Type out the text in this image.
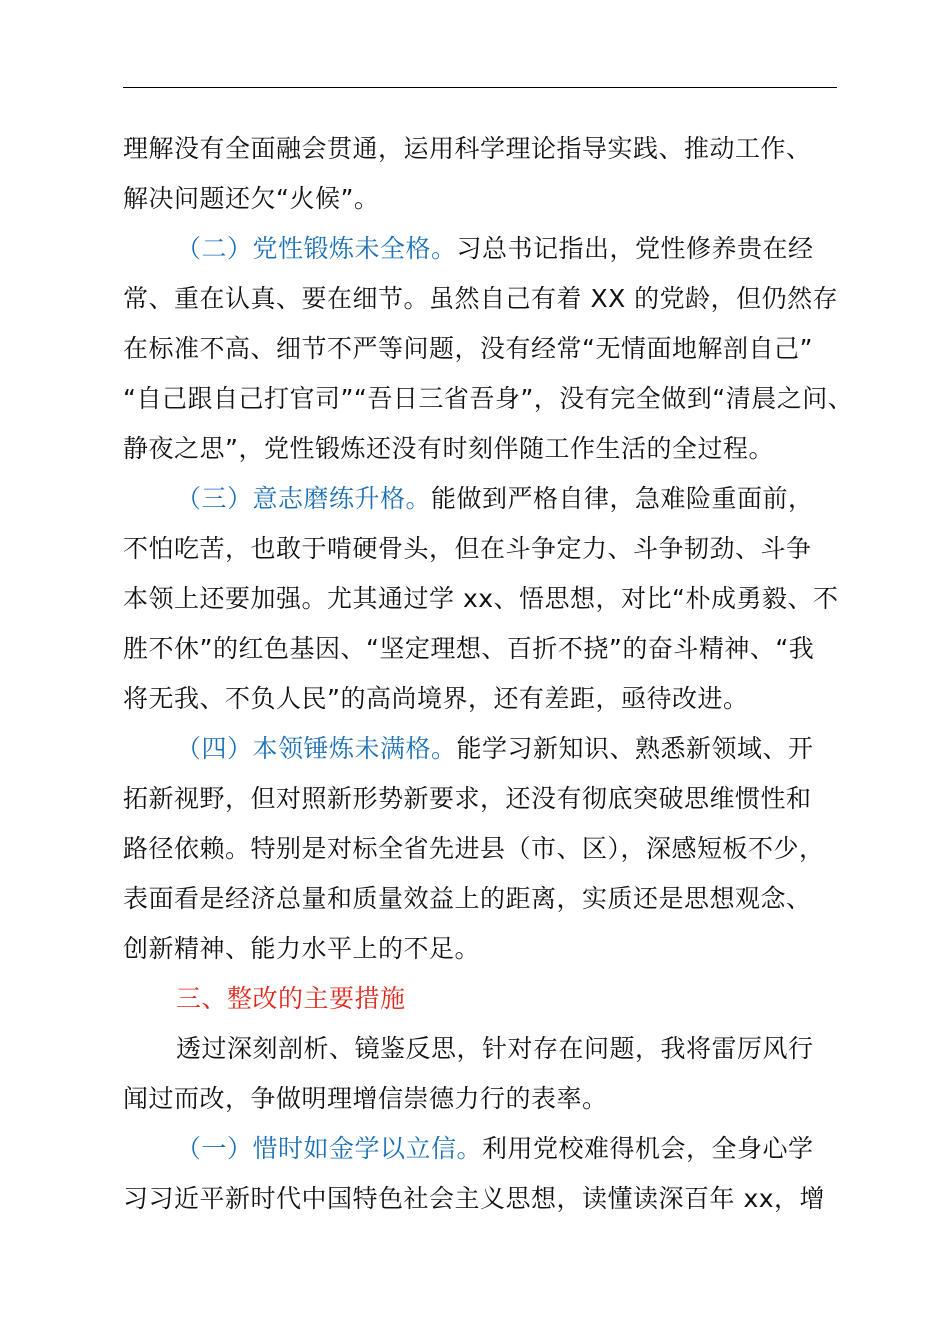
理解没有全面融会贯通，运用科学理论指导实践、推动工作、
解决问题还欠“火候”。
（二）党性锻炼未全格。习总书记指出，党性修养贵在经
常、重在认真、要在细节。虽然自己有着 XX 的党龄，但仍然存
在标准不高、细节不严等问题，没有经常“无情面地解剖自己”
“自己跟自己打官司”“吾日三省吾身”，没有完全做到“清晨之问、
静夜之思”，党性锻炼还没有时刻伴随工作生活的全过程。
（三）意志磨练升格。能做到严格自律，急难险重面前，
不怕吃苦，也敢于啃硬骨头，但在斗争定力、斗争韧劲、斗争
本领上还要加强。尤其通过学 xx、悟思想，对比“朴成勇毅、不
胜不休”的红色基因、“坚定理想、百折不挠”的奋斗精神、“我
将无我、不负人民”的高尚境界，还有差距，亟待改进。
（四）本领锤炼未满格。能学习新知识、熟悉新领域、开
拓新视野，但对照新形势新要求，还没有彻底突破思维惯性和
路径依赖。特别是对标全省先进县（市、区），深感短板不少，
表面看是经济总量和质量效益上的距离，实质还是思想观念、
创新精神、能力水平上的不足。
三、整改的主要措施
透过深刻剖析、镜鉴反思，针对存在问题，我将雷厉风行
闻过而改，争做明理增信崇德力行的表率。
（一）惜时如金学以立信。利用党校难得机会，全身心学
习习近平新时代中国特色社会主义思想，读懂读深百年 xx，增
